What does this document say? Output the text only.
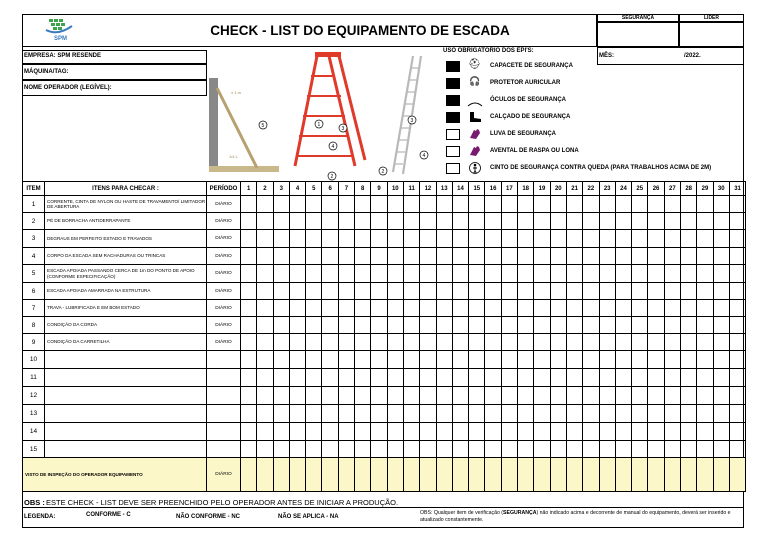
SPM
CHECK - LIST DO EQUIPAMENTO DE ESCADA
SEGURANÇA	LIDER
EMPRESA: SPM RESENDE
MÁQUINA/TAG:
NOME OPERADOR (LEGÍVEL):
MÊS:	/2022.
± 1 m
1/4 L
5	1
3
4
2
3
4
2
USO OBRIGATÓRIO DOS EPI'S:
⛑ CAPACETE DE SEGURANÇA
🎧 PROTETOR AURICULAR
ÓCULOS DE SEGURANÇA
CALÇADO DE SEGURANÇA
LUVA DE SEGURANÇA
AVENTAL DE RASPA OU LONA
CINTO DE SEGURANÇA CONTRA QUEDA (PARA TRABALHOS ACIMA DE 2M)
ITEM	ITENS PARA CHECAR :	PERÍODO	1	2	3	4	5	6	7	8	9	10	11	12	13	14	15	16	17	18	19	20	21	22	23	24	25	26	27	28	29	30	31
1	CORRENTE, CINTA DE NYLON OU HASTE DE TRAVAMENTO/ LIMITADOR DE ABERTURA	DIÁRIO																															
2	PÉ DE BORRACHA ANTIDERRAPANTE	DIÁRIO																															
3	DEGRAUS EM PERFEITO ESTADO E TRAVADOS	DIÁRIO																															
4	CORPO DA ESCADA SEM RACHADURAS OU TRINCAS	DIÁRIO																															
5	ESCADA APOIADA PASSANDO CERCA DE 1m DO PONTO DE APOIO (CONFORME ESPECIFICAÇÃO)	DIÁRIO																															
6	ESCADA APOIADA AMARRADA NA ESTRUTURA	DIÁRIO																															
7	TRAVA - LUBRIFICADA E EM BOM ESTADO	DIÁRIO																															
8	CONDIÇÃO DA CORDA	DIÁRIO																															
9	CONDIÇÃO DA CARRETILHA	DIÁRIO																															
10																																	
11																																	
12																																	
13																																	
14																																	
15																																	
VISTO DE INSPEÇÃO DO OPERADOR EQUIPAMENTO		DIÁRIO																															
OBS : ESTE CHECK - LIST DEVE SER PREENCHIDO PELO OPERADOR ANTES DE INICIAR A PRODUÇÃO.
LEGENDA:	CONFORME - C	NÃO CONFORME - NC	NÃO SE APLICA - NA
OBS: Qualquer item de verificação (SEGURANÇA) não indicado acima e decorrente de manual do equipamento, deverá ser inserido e atualizado constantemente.
